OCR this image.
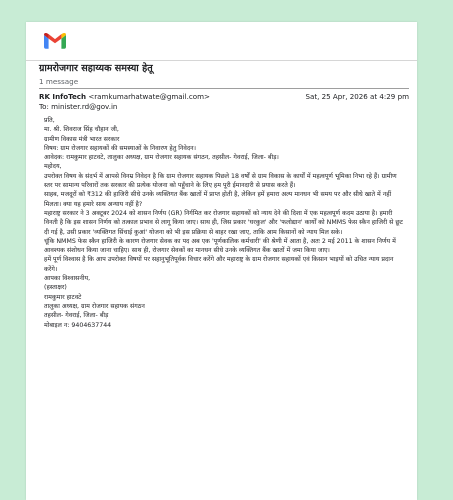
ग्रामरोजगार सहाय्यक समस्या हेतू
1 message
RK InfoTech <ramkumarhatwate@gmail.com>	Sat, 25 Apr, 2026 at 4:29 pm
To: minister.rd@gov.in

प्रति,

मा. श्री. शिवराज सिंह चौहान जी,

ग्रामीण विकास मंत्री भारत सरकार

विषय: ग्राम रोजगार सहायकों की समस्याओं के निवारण हेतु निवेदन।

आवेदक: रामकुमार हाटवटे, तालुका अध्यक्ष, ग्राम रोजगार सहायक संगठन, तहसील- गेवराई, जिला- बीड़।

महोदय,

उपरोक्त विषय के संदर्भ में आपसे विनम्र निवेदन है कि ग्राम रोजगार सहायक पिछले 18 वर्षों से ग्राम विकास के कार्यों में महत्वपूर्ण भूमिका निभा रहे हैं। ग्रामीण स्तर पर सामान्य परिवारों तक सरकार की प्रत्येक योजना को पहुँचाने के लिए हम पूरी ईमानदारी से प्रयास करते हैं।

साहब, मजदूरों को ₹312 की हाजिरी सीधे उनके व्यक्तिगत बैंक खातों में प्राप्त होती है, लेकिन हमें हमारा अल्प मानधन भी समय पर और सीधे खाते में नहीं मिलता। क्या यह हमारे साथ अन्याय नहीं है?

महाराष्ट्र सरकार ने 3 अक्टूबर 2024 को शासन निर्णय (GR) निर्गमित कर रोजगार सहायकों को न्याय देने की दिशा में एक महत्वपूर्ण कदम उठाया है। हमारी विनती है कि इस शासन निर्णय को तत्काल प्रभाव से लागू किया जाए। साथ ही, जिस प्रकार 'घरकुल' और 'फलोद्यान' कार्यों को NMMS फेस स्कैन हाजिरी से छूट दी गई है, उसी प्रकार 'व्यक्तिगत सिंचाई कुआं' योजना को भी इस प्रक्रिया से बाहर रखा जाए, ताकि आम किसानों को न्याय मिल सके।

चूंकि NMMS फेस स्कैन हाजिरी के कारण रोजगार सेवक का पद अब एक 'पूर्णकालिक कर्मचारी' की श्रेणी में आता है, अतः 2 मई 2011 के शासन निर्णय में आवश्यक संशोधन किया जाना चाहिए। साथ ही, रोजगार सेवकों का मानधन सीधे उनके व्यक्तिगत बैंक खातों में जमा किया जाए।

हमें पूर्ण विश्वास है कि आप उपरोक्त विषयों पर सहानुभूतिपूर्वक विचार करेंगे और महाराष्ट्र के ग्राम रोजगार सहायकों एवं किसान भाइयों को उचित न्याय प्रदान करेंगे।

आपका विश्वासनीय,

(हस्ताक्षर)

रामकुमार हाटवटे

तालुका अध्यक्ष, ग्राम रोजगार सहायक संगठन

तहसील- गेवराई, जिला- बीड़

मोबाइल न: 9404637744
